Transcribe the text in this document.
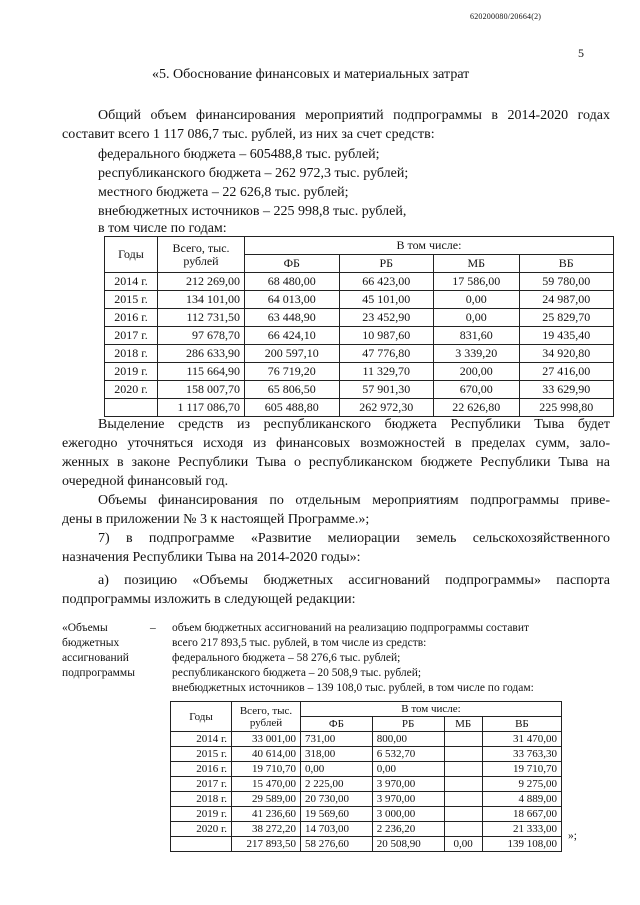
620200080/20664(2)
5
«5. Обоснование финансовых и материальных затрат
Общий объем финансирования мероприятий подпрограммы в 2014-2020 годах
составит всего 1 117 086,7 тыс. рублей, из них за счет средств:
федерального бюджета – 605488,8 тыс. рублей;
республиканского бюджета – 262 972,3 тыс. рублей;
местного бюджета – 22 626,8 тыс. рублей;
внебюджетных источников – 225 998,8 тыс. рублей,
в том числе по годам:
Годы	Всего, тыс. рублей	В том числе:			
		ФБ	РБ	МБ	ВБ
2014 г.	212 269,00	68 480,00	66 423,00	17 586,00	59 780,00
2015 г.	134 101,00	64 013,00	45 101,00	0,00	24 987,00
2016 г.	112 731,50	63 448,90	23 452,90	0,00	25 829,70
2017 г.	97 678,70	66 424,10	10 987,60	831,60	19 435,40
2018 г.	286 633,90	200 597,10	47 776,80	3 339,20	34 920,80
2019 г.	115 664,90	76 719,20	11 329,70	200,00	27 416,00
2020 г.	158 007,70	65 806,50	57 901,30	670,00	33 629,90
	1 117 086,70	605 488,80	262 972,30	22 626,80	225 998,80
Выделение средств из республиканского бюджета Республики Тыва будет
ежегодно уточняться исходя из финансовых возможностей в пределах сумм, зало-
женных в законе Республики Тыва о республиканском бюджете Республики Тыва на
очередной финансовый год.
Объемы финансирования по отдельным мероприятиям подпрограммы приве-
дены в приложении № 3 к настоящей Программе.»;
7) в подпрограмме «Развитие мелиорации земель сельскохозяйственного
назначения Республики Тыва на 2014-2020 годы»:
а) позицию «Объемы бюджетных ассигнований подпрограммы» паспорта
подпрограммы изложить в следующей редакции:
«Объемы
бюджетных
ассигнований
подпрограммы
– объем бюджетных ассигнований на реализацию подпрограммы составит
всего 217 893,5 тыс. рублей, в том числе из средств:
федерального бюджета – 58 276,6 тыс. рублей;
республиканского бюджета – 20 508,9 тыс. рублей;
внебюджетных источников – 139 108,0 тыс. рублей, в том числе по годам:
Годы	Всего, тыс. рублей	В том числе:			
		ФБ	РБ	МБ	ВБ
2014 г.	33 001,00	731,00	800,00		31 470,00
2015 г.	40 614,00	318,00	6 532,70		33 763,30
2016 г.	19 710,70	0,00	0,00		19 710,70
2017 г.	15 470,00	2 225,00	3 970,00		9 275,00
2018 г.	29 589,00	20 730,00	3 970,00		4 889,00
2019 г.	41 236,60	19 569,60	3 000,00		18 667,00
2020 г.	38 272,20	14 703,00	2 236,20		21 333,00
	217 893,50	58 276,60	20 508,90	0,00	139 108,00
»;
